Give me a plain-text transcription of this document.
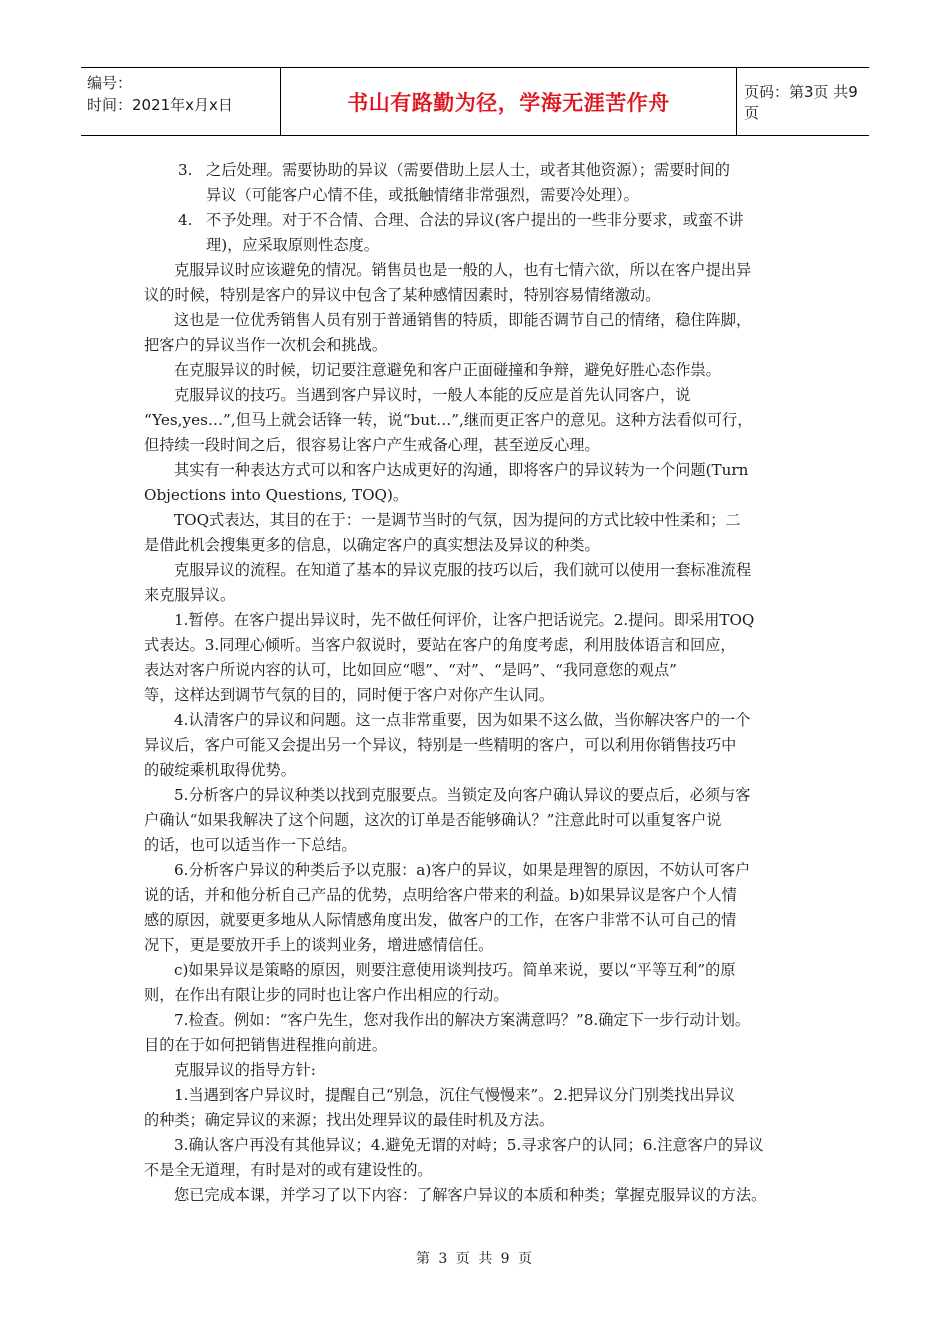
编号：
时间：2021年x月x日	书山有路勤为径，学海无涯苦作舟	页码：第3页 共9页
3. 之后处理。需要协助的异议（需要借助上层人士，或者其他资源）；需要时间的
异议（可能客户心情不佳，或抵触情绪非常强烈，需要冷处理）。
4. 不予处理。对于不合情、合理、合法的异议(客户提出的一些非分要求，或蛮不讲
理)，应采取原则性态度。
克服异议时应该避免的情况。销售员也是一般的人，也有七情六欲，所以在客户提出异
议的时候，特别是客户的异议中包含了某种感情因素时，特别容易情绪激动。
这也是一位优秀销售人员有别于普通销售的特质，即能否调节自己的情绪，稳住阵脚，
把客户的异议当作一次机会和挑战。
在克服异议的时候，切记要注意避免和客户正面碰撞和争辩，避免好胜心态作祟。
克服异议的技巧。当遇到客户异议时，一般人本能的反应是首先认同客户，说
“Yes,yes…”,但马上就会话锋一转，说“but…”,继而更正客户的意见。这种方法看似可行，
但持续一段时间之后，很容易让客户产生戒备心理，甚至逆反心理。
其实有一种表达方式可以和客户达成更好的沟通，即将客户的异议转为一个问题(Turn
Objections into Questions, TOQ)。
TOQ式表达，其目的在于：一是调节当时的气氛，因为提问的方式比较中性柔和；二
是借此机会搜集更多的信息，以确定客户的真实想法及异议的种类。
克服异议的流程。在知道了基本的异议克服的技巧以后，我们就可以使用一套标准流程
来克服异议。
1.暂停。在客户提出异议时，先不做任何评价，让客户把话说完。2.提问。即采用TOQ
式表达。3.同理心倾听。当客户叙说时，要站在客户的角度考虑，利用肢体语言和回应，
表达对客户所说内容的认可，比如回应“嗯”、“对”、“是吗”、“我同意您的观点”
等，这样达到调节气氛的目的，同时便于客户对你产生认同。
4.认清客户的异议和问题。这一点非常重要，因为如果不这么做，当你解决客户的一个
异议后，客户可能又会提出另一个异议，特别是一些精明的客户，可以利用你销售技巧中
的破绽乘机取得优势。
5.分析客户的异议种类以找到克服要点。当锁定及向客户确认异议的要点后，必须与客
户确认“如果我解决了这个问题，这次的订单是否能够确认？”注意此时可以重复客户说
的话，也可以适当作一下总结。
6.分析客户异议的种类后予以克服：a)客户的异议，如果是理智的原因，不妨认可客户
说的话，并和他分析自己产品的优势，点明给客户带来的利益。b)如果异议是客户个人情
感的原因，就要更多地从人际情感角度出发，做客户的工作，在客户非常不认可自己的情
况下，更是要放开手上的谈判业务，增进感情信任。
c)如果异议是策略的原因，则要注意使用谈判技巧。简单来说，要以“平等互利”的原
则，在作出有限让步的同时也让客户作出相应的行动。
7.检查。例如：“客户先生，您对我作出的解决方案满意吗？”8.确定下一步行动计划。
目的在于如何把销售进程推向前进。
克服异议的指导方针:
1.当遇到客户异议时，提醒自己“别急，沉住气慢慢来”。2.把异议分门别类找出异议
的种类；确定异议的来源；找出处理异议的最佳时机及方法。
3.确认客户再没有其他异议；4.避免无谓的对峙；5.寻求客户的认同；6.注意客户的异议
不是全无道理，有时是对的或有建设性的。
您已完成本课，并学习了以下内容：了解客户异议的本质和种类；掌握克服异议的方法。
第 3 页 共 9 页
